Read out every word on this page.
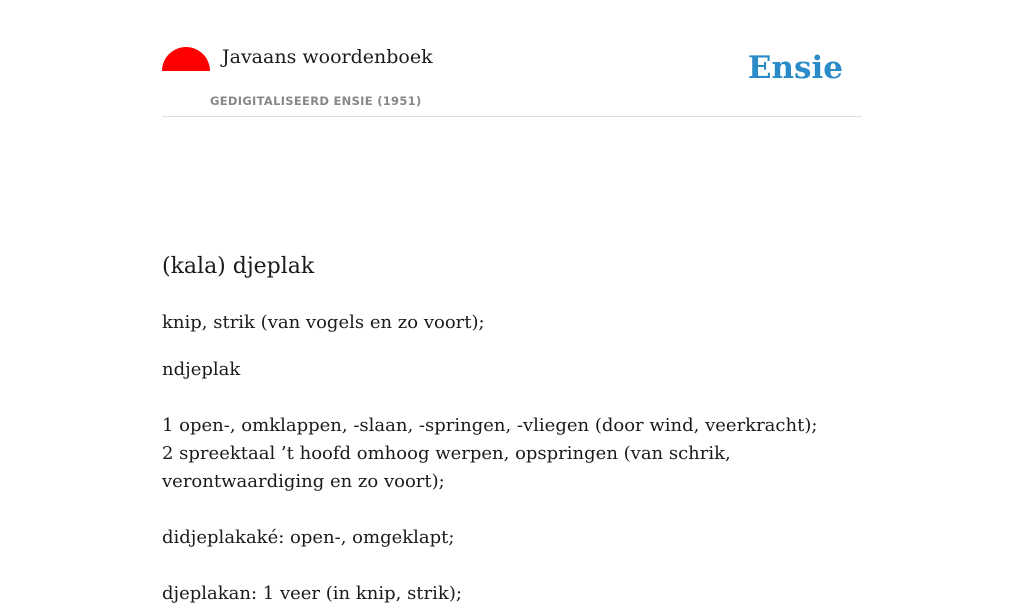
Javaans woordenboek
GEDIGITALISEERD ENSIE (1951)
Ensie
(kala) djeplak
knip, strik (van vogels en zo voort);
ndjeplak
1 open-, omklappen, -slaan, -springen, -vliegen (door wind, veerkracht);
2 spreektaal ’t hoofd omhoog werpen, opspringen (van schrik, verontwaardiging en zo voort);
didjeplakaké: open-, omgeklapt;
djeplakan: 1 veer (in knip, strik);
